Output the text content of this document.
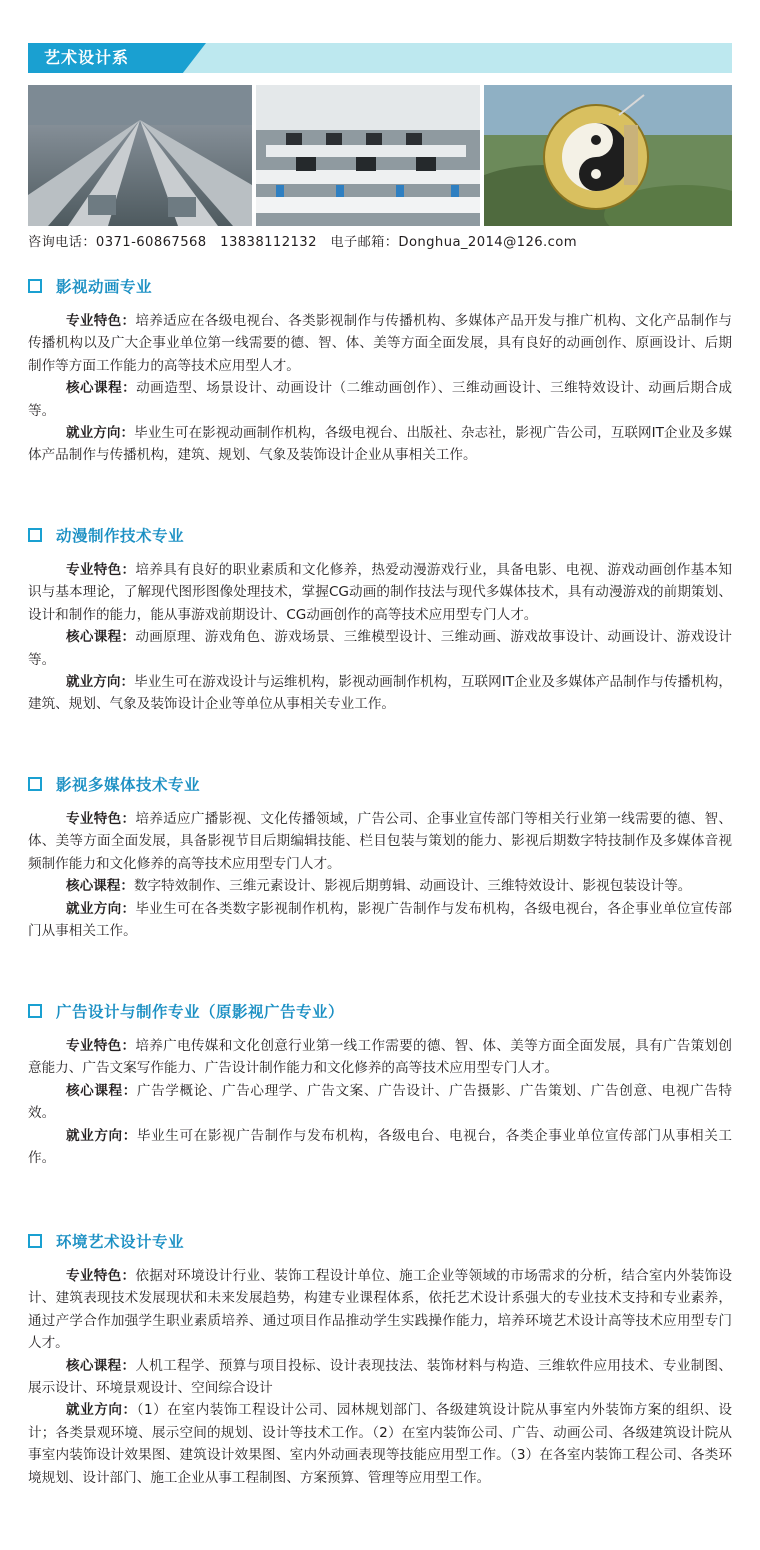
艺术设计系
咨询电话：0371-60867568　13838112132　电子邮箱：Donghua_2014@126.com
影视动画专业

专业特色：培养适应在各级电视台、各类影视制作与传播机构、多媒体产品开发与推广机构、文化产品制作与传播机构以及广大企事业单位第一线需要的德、智、体、美等方面全面发展，具有良好的动画创作、原画设计、后期制作等方面工作能力的高等技术应用型人才。

核心课程：动画造型、场景设计、动画设计（二维动画创作）、三维动画设计、三维特效设计、动画后期合成等。

就业方向：毕业生可在影视动画制作机构，各级电视台、出版社、杂志社，影视广告公司，互联网IT企业及多媒体产品制作与传播机构，建筑、规划、气象及装饰设计企业从事相关工作。

动漫制作技术专业

专业特色：培养具有良好的职业素质和文化修养，热爱动漫游戏行业，具备电影、电视、游戏动画创作基本知识与基本理论，了解现代图形图像处理技术，掌握CG动画的制作技法与现代多媒体技术，具有动漫游戏的前期策划、设计和制作的能力，能从事游戏前期设计、CG动画创作的高等技术应用型专门人才。

核心课程：动画原理、游戏角色、游戏场景、三维模型设计、三维动画、游戏故事设计、动画设计、游戏设计等。

就业方向：毕业生可在游戏设计与运维机构，影视动画制作机构，互联网IT企业及多媒体产品制作与传播机构，建筑、规划、气象及装饰设计企业等单位从事相关专业工作。

影视多媒体技术专业

专业特色：培养适应广播影视、文化传播领域，广告公司、企事业宣传部门等相关行业第一线需要的德、智、体、美等方面全面发展，具备影视节目后期编辑技能、栏目包装与策划的能力、影视后期数字特技制作及多媒体音视频制作能力和文化修养的高等技术应用型专门人才。

核心课程：数字特效制作、三维元素设计、影视后期剪辑、动画设计、三维特效设计、影视包装设计等。

就业方向：毕业生可在各类数字影视制作机构，影视广告制作与发布机构，各级电视台，各企事业单位宣传部门从事相关工作。

广告设计与制作专业（原影视广告专业）

专业特色：培养广电传媒和文化创意行业第一线工作需要的德、智、体、美等方面全面发展，具有广告策划创意能力、广告文案写作能力、广告设计制作能力和文化修养的高等技术应用型专门人才。

核心课程：广告学概论、广告心理学、广告文案、广告设计、广告摄影、广告策划、广告创意、电视广告特效。

就业方向：毕业生可在影视广告制作与发布机构，各级电台、电视台，各类企事业单位宣传部门从事相关工作。

环境艺术设计专业

专业特色：依据对环境设计行业、装饰工程设计单位、施工企业等领域的市场需求的分析，结合室内外装饰设计、建筑表现技术发展现状和未来发展趋势，构建专业课程体系，依托艺术设计系强大的专业技术支持和专业素养，通过产学合作加强学生职业素质培养、通过项目作品推动学生实践操作能力，培养环境艺术设计高等技术应用型专门人才。

核心课程：人机工程学、预算与项目投标、设计表现技法、装饰材料与构造、三维软件应用技术、专业制图、展示设计、环境景观设计、空间综合设计

就业方向：（1）在室内装饰工程设计公司、园林规划部门、各级建筑设计院从事室内外装饰方案的组织、设计；各类景观环境、展示空间的规划、设计等技术工作。（2）在室内装饰公司、广告、动画公司、各级建筑设计院从事室内装饰设计效果图、建筑设计效果图、室内外动画表现等技能应用型工作。（3）在各室内装饰工程公司、各类环境规划、设计部门、施工企业从事工程制图、方案预算、管理等应用型工作。
